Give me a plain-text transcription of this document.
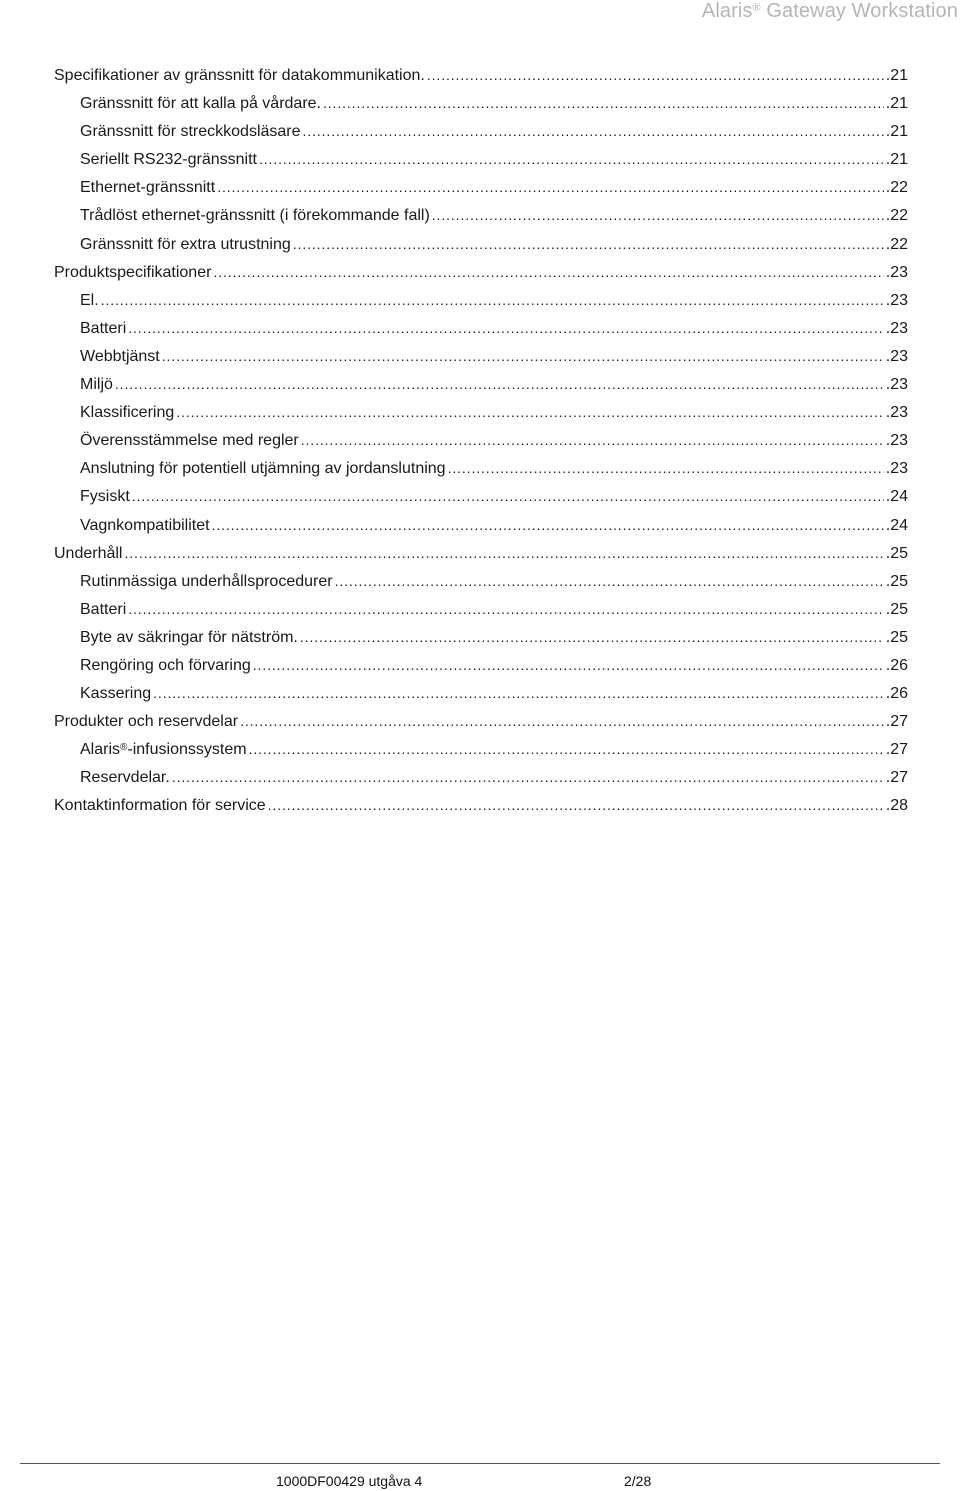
Alaris® Gateway Workstation
Specifikationer av gränssnitt för datakommunikation. . . .	.21
Gränssnitt för att kalla på vårdare. . . .	.21
Gränssnitt för streckkodsläsare . . .	.21
Seriellt RS232-gränssnitt . . .	.21
Ethernet-gränssnitt . . .	.22
Trådlöst ethernet-gränssnitt (i förekommande fall) . . .	.22
Gränssnitt för extra utrustning . . .	.22
Produktspecifikationer . . .	.23
El. . . .	.23
Batteri . . .	.23
Webbtjänst . . .	.23
Miljö . . .	.23
Klassificering . . .	.23
Överensstämmelse med regler . . .	.23
Anslutning för potentiell utjämning av jordanslutning . . .	.23
Fysiskt . . .	.24
Vagnkompatibilitet . . .	.24
Underhåll . . .	.25
Rutinmässiga underhållsprocedurer . . .	.25
Batteri . . .	.25
Byte av säkringar för nätström. . . .	.25
Rengöring och förvaring . . .	.26
Kassering . . .	.26
Produkter och reservdelar . . .	.27
Alaris®-infusionssystem . . .	.27
Reservdelar. . . .	.27
Kontaktinformation för service . . .	.28
1000DF00429 utgåva 4	2/28
